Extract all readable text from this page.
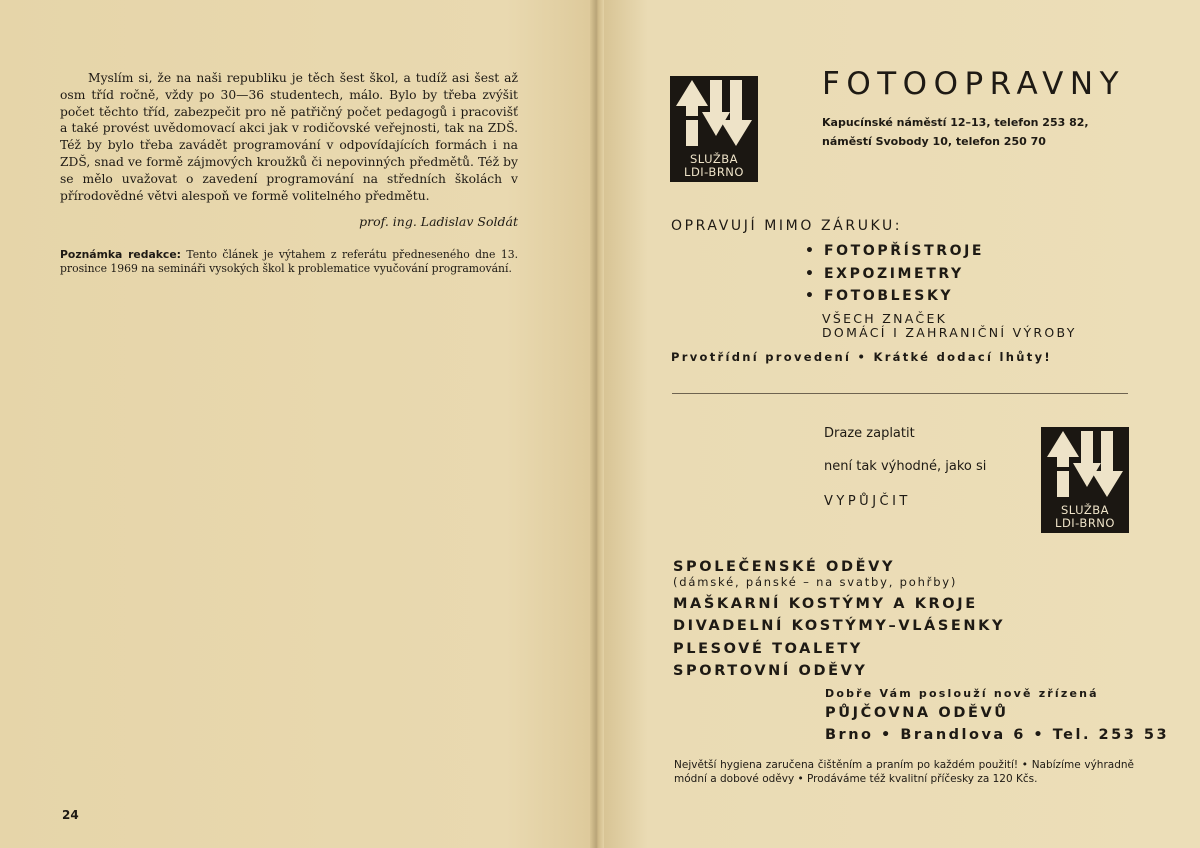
Myslím si, že na naši republiku je těch šest škol, a tudíž asi šest až osm tříd ročně, vždy po 30—36 studentech, málo. Bylo by třeba zvýšit počet těchto tříd, zabezpečit pro ně patřičný počet pedagogů i pracovišť a také provést uvědomovací akci jak v rodičovské veřejnosti, tak na ZDŠ. Též by bylo třeba zavádět programování v odpovídajících formách i na ZDŠ, snad ve formě zájmových kroužků či nepovinných předmětů. Též by se mělo uvažovat o zavedení programování na středních školách v přírodovědné větvi alespoň ve formě volitelného předmětu.

prof. ing. Ladislav Soldát
Poznámka redakce: Tento článek je výtahem z referátu předneseného dne 13. prosince 1969 na semináři vysokých škol k problematice vyučování programování.
24
SLUŽBA
LDI-BRNO
FOTOOPRAVNY
Kapucínské náměstí 12–13, telefon 253 82,
náměstí Svobody 10, telefon 250 70
OPRAVUJÍ MIMO ZÁRUKU:
• FOTOPŘÍSTROJE
• EXPOZIMETRY
• FOTOBLESKY
VŠECH ZNAČEK
DOMÁCÍ I ZAHRANIČNÍ VÝROBY
Prvotřídní provedení • Krátké dodací lhůty!
Draze zaplatit
není tak výhodné, jako si
VYPŮJČIT
SLUŽBA
LDI-BRNO
SPOLEČENSKÉ ODĚVY
(dámské, pánské – na svatby, pohřby)
MAŠKARNÍ KOSTÝMY A KROJE
DIVADELNÍ KOSTÝMY–VLÁSENKY
PLESOVÉ TOALETY
SPORTOVNÍ ODĚVY
Dobře Vám poslouží nově zřízená
PŮJČOVNA ODĚVŮ
Brno • Brandlova 6 • Tel. 253 53
Největší hygiena zaručena čištěním a praním po každém použití! • Nabízíme výhradně módní a dobové oděvy • Prodáváme též kvalitní příčesky za 120 Kčs.
